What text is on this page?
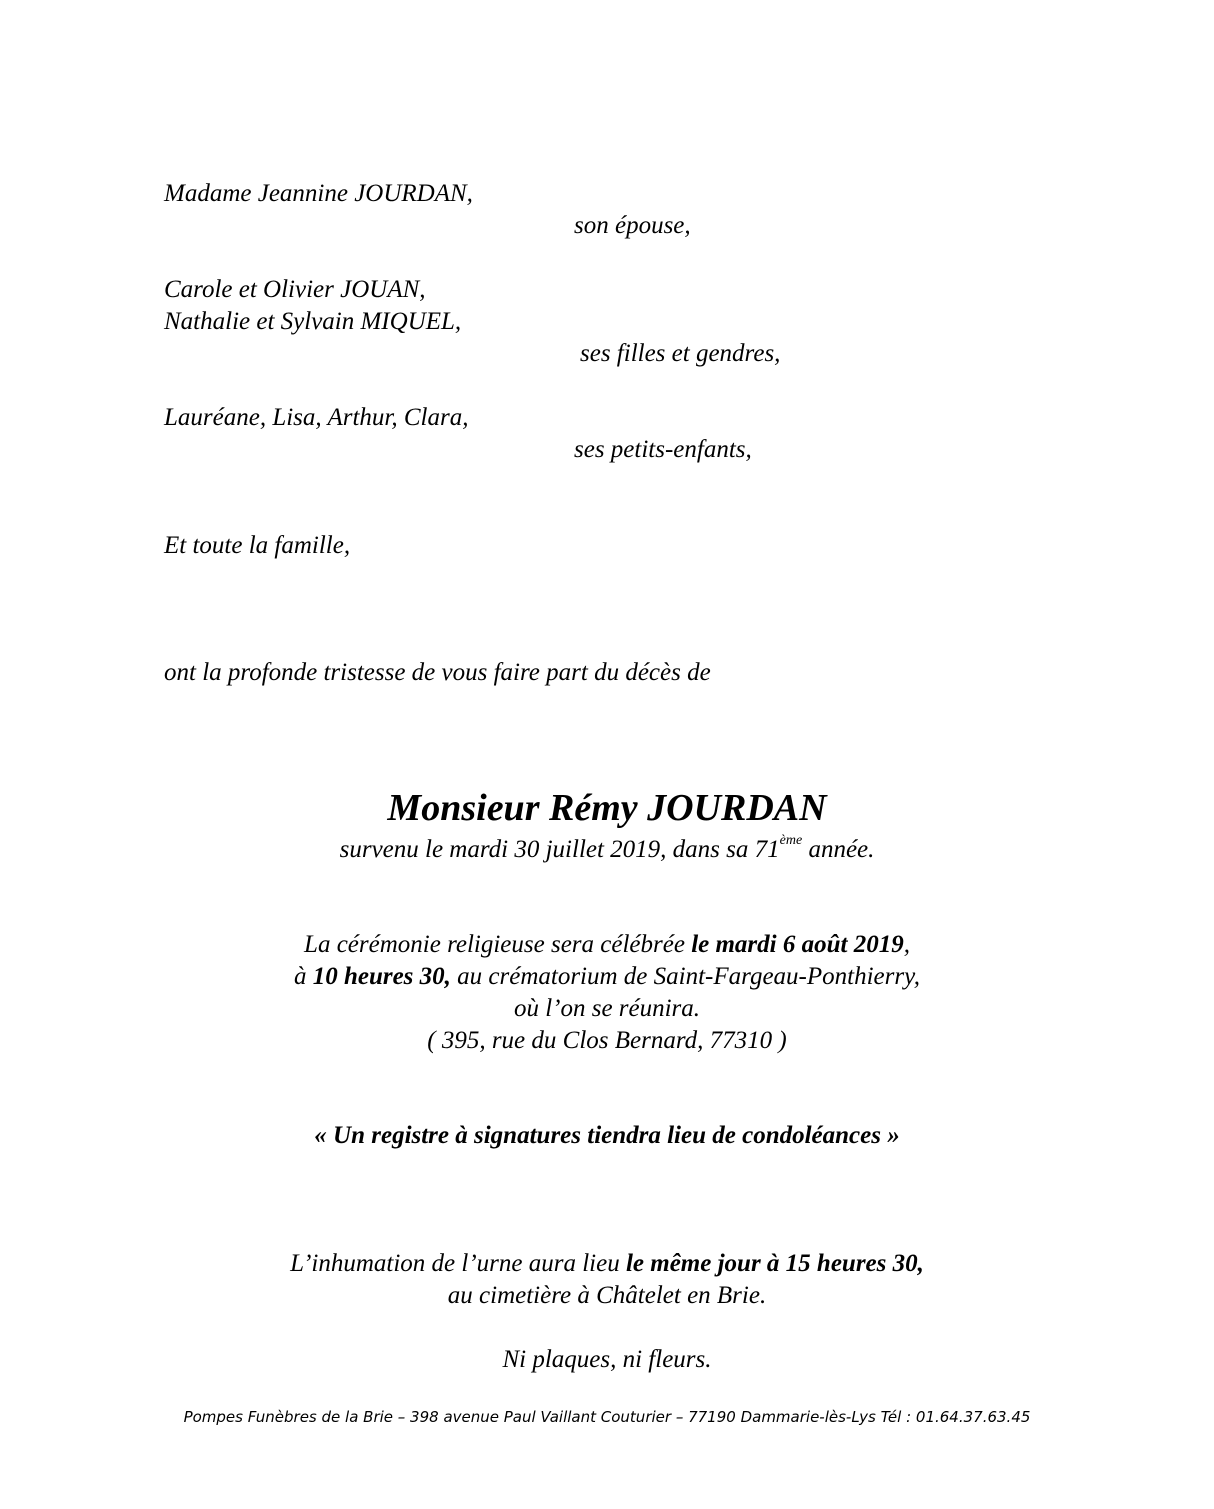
Madame Jeannine JOURDAN,
son épouse,
Carole et Olivier JOUAN,
Nathalie et Sylvain MIQUEL,
ses filles et gendres,
Lauréane, Lisa, Arthur, Clara,
ses petits-enfants,
Et toute la famille,
ont la profonde tristesse de vous faire part du décès de
Monsieur Rémy JOURDAN
survenu le mardi 30 juillet 2019, dans sa 71ème année.
La cérémonie religieuse sera célébrée le mardi 6 août 2019,
à 10 heures 30, au crématorium de Saint-Fargeau-Ponthierry,
où l’on se réunira.
( 395, rue du Clos Bernard, 77310 )
« Un registre à signatures tiendra lieu de condoléances »
L’inhumation de l’urne aura lieu le même jour à 15 heures 30,
au cimetière à Châtelet en Brie.
Ni plaques, ni fleurs.
Pompes Funèbres de la Brie – 398 avenue Paul Vaillant Couturier – 77190 Dammarie-lès-Lys Tél : 01.64.37.63.45
